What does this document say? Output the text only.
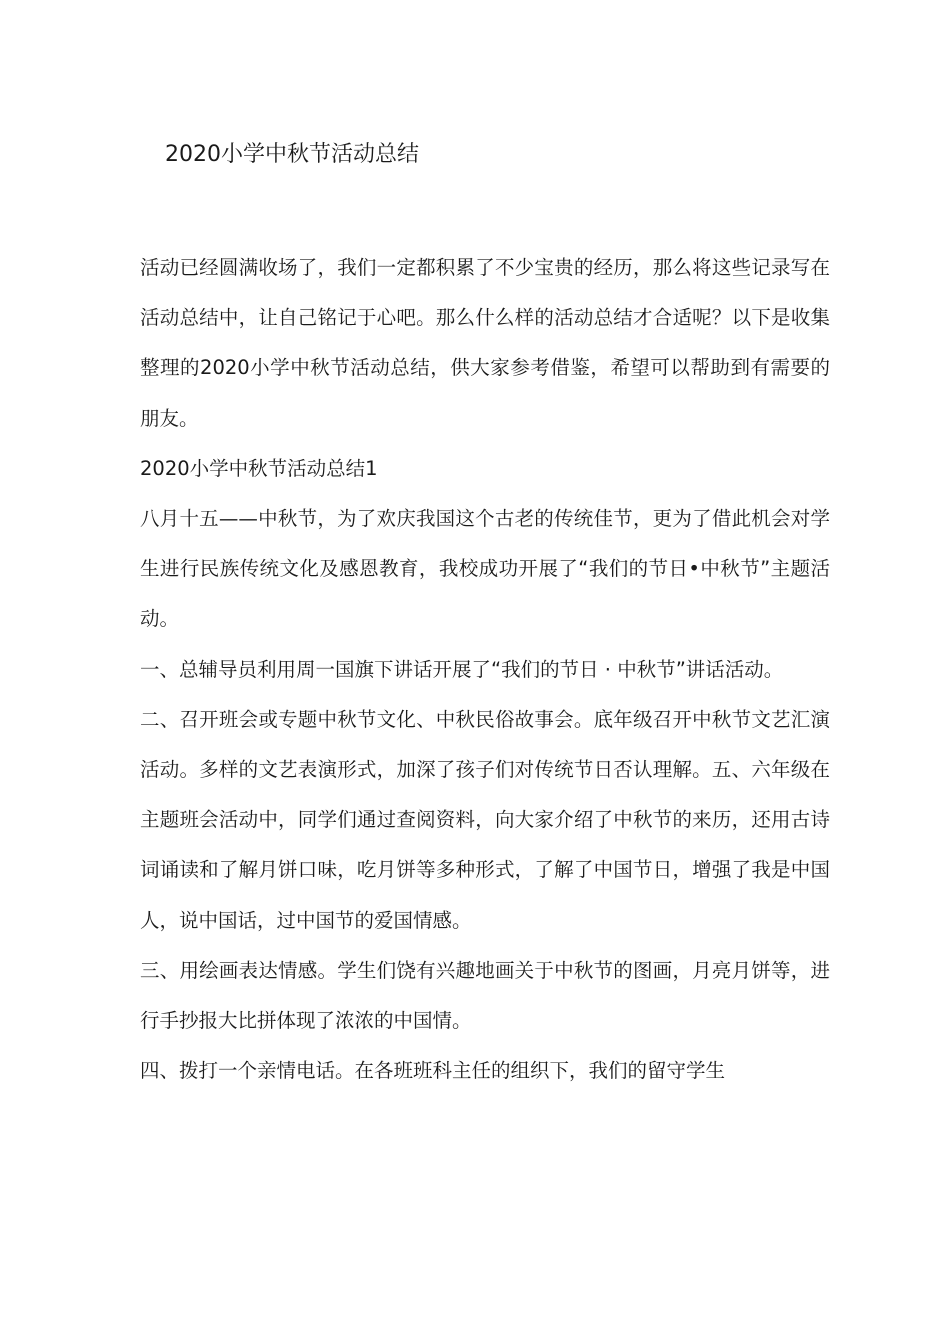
2020小学中秋节活动总结

活动已经圆满收场了，我们一定都积累了不少宝贵的经历，那么将这些记录写在活动总结中，让自己铭记于心吧。那么什么样的活动总结才合适呢？以下是收集整理的2020小学中秋节活动总结，供大家参考借鉴，希望可以帮助到有需要的朋友。

2020小学中秋节活动总结1

八月十五——中秋节，为了欢庆我国这个古老的传统佳节，更为了借此机会对学生进行民族传统文化及感恩教育，我校成功开展了“我们的节日•中秋节”主题活动。

一、总辅导员利用周一国旗下讲话开展了“我们的节日 · 中秋节”讲话活动。

二、召开班会或专题中秋节文化、中秋民俗故事会。底年级召开中秋节文艺汇演活动。多样的文艺表演形式，加深了孩子们对传统节日否认理解。五、六年级在主题班会活动中，同学们通过查阅资料，向大家介绍了中秋节的来历，还用古诗词诵读和了解月饼口味，吃月饼等多种形式，了解了中国节日，增强了我是中国人，说中国话，过中国节的爱国情感。

三、用绘画表达情感。学生们饶有兴趣地画关于中秋节的图画，月亮月饼等，进行手抄报大比拼体现了浓浓的中国情。

四、拨打一个亲情电话。在各班班科主任的组织下，我们的留守学生
